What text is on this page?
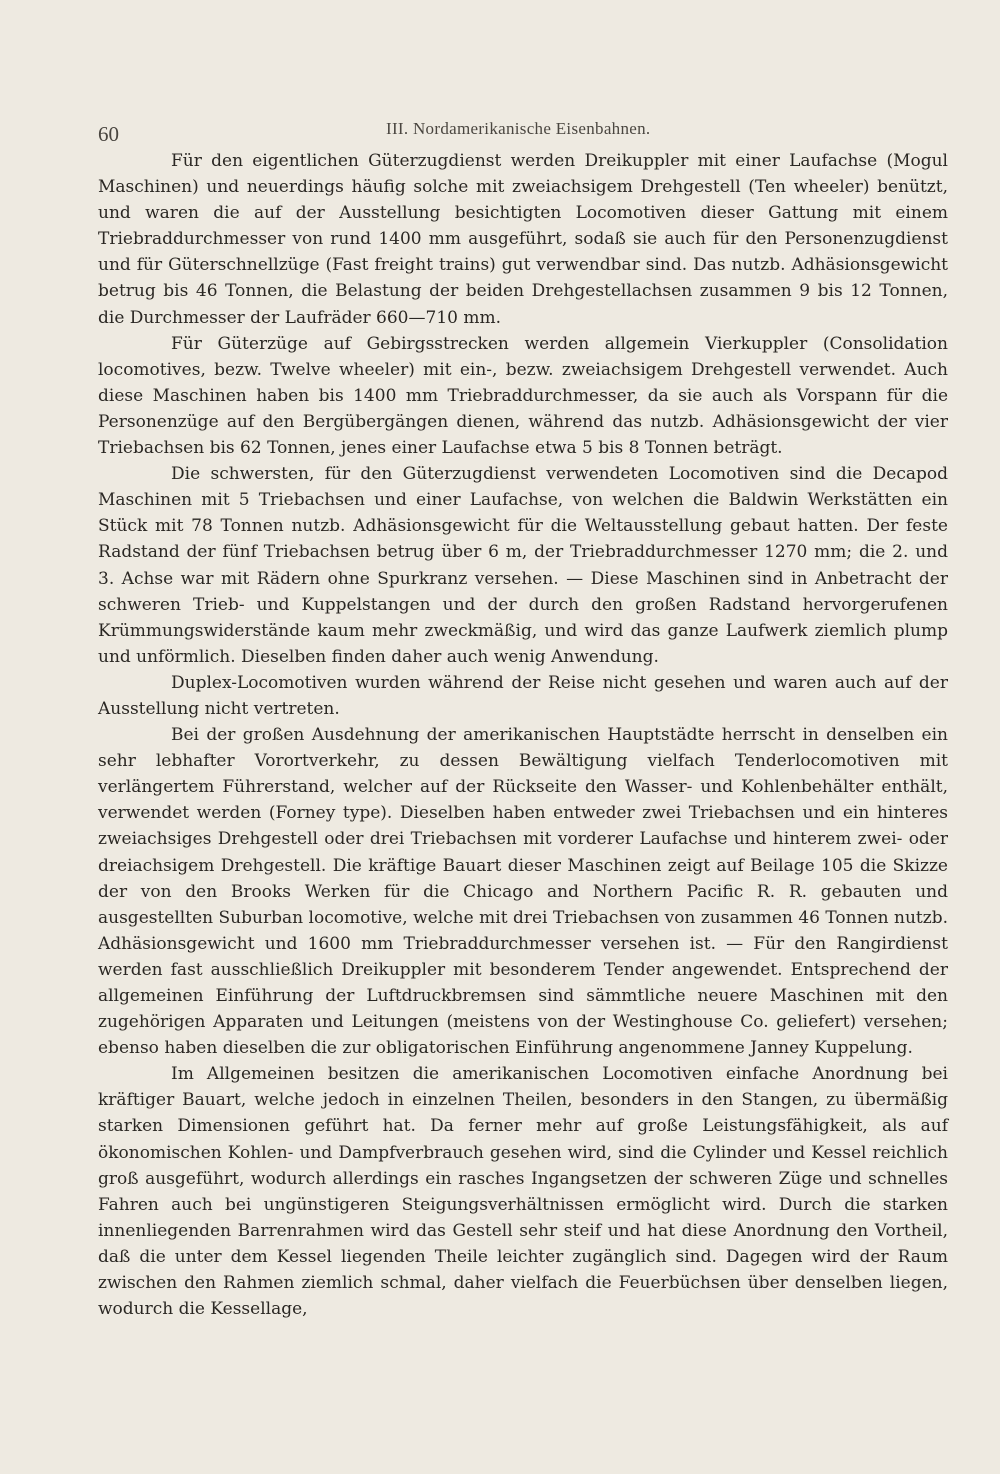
60	III. Nordamerikanische Eisenbahnen.

Für den eigentlichen Güterzugdienst werden Dreikuppler mit einer Laufachse (Mogul Maschinen) und neuerdings häufig solche mit zweiachsigem Drehgestell (Ten wheeler) benützt, und waren die auf der Ausstellung besichtigten Locomotiven dieser Gattung mit einem Triebraddurchmesser von rund 1400 mm ausgeführt, sodaß sie auch für den Personenzugdienst und für Güterschnellzüge (Fast freight trains) gut verwendbar sind. Das nutzb. Adhäsionsgewicht betrug bis 46 Tonnen, die Belastung der beiden Drehgestellachsen zusammen 9 bis 12 Tonnen, die Durchmesser der Laufräder 660—710 mm.

Für Güterzüge auf Gebirgsstrecken werden allgemein Vierkuppler (Consolidation locomotives, bezw. Twelve wheeler) mit ein-, bezw. zweiachsigem Drehgestell verwendet. Auch diese Maschinen haben bis 1400 mm Triebraddurchmesser, da sie auch als Vorspann für die Personenzüge auf den Bergübergängen dienen, während das nutzb. Adhäsionsgewicht der vier Triebachsen bis 62 Tonnen, jenes einer Laufachse etwa 5 bis 8 Tonnen beträgt.

Die schwersten, für den Güterzugdienst verwendeten Locomotiven sind die Decapod Maschinen mit 5 Triebachsen und einer Laufachse, von welchen die Baldwin Werkstätten ein Stück mit 78 Tonnen nutzb. Adhäsionsgewicht für die Weltausstellung gebaut hatten. Der feste Radstand der fünf Triebachsen betrug über 6 m, der Triebraddurchmesser 1270 mm; die 2. und 3. Achse war mit Rädern ohne Spurkranz versehen. — Diese Maschinen sind in Anbetracht der schweren Trieb- und Kuppelstangen und der durch den großen Radstand hervorgerufenen Krümmungswiderstände kaum mehr zweckmäßig, und wird das ganze Laufwerk ziemlich plump und unförmlich. Dieselben finden daher auch wenig Anwendung.

Duplex-Locomotiven wurden während der Reise nicht gesehen und waren auch auf der Ausstellung nicht vertreten.

Bei der großen Ausdehnung der amerikanischen Hauptstädte herrscht in denselben ein sehr lebhafter Vorortverkehr, zu dessen Bewältigung vielfach Tenderlocomotiven mit verlängertem Führerstand, welcher auf der Rückseite den Wasser- und Kohlenbehälter enthält, verwendet werden (Forney type). Dieselben haben entweder zwei Triebachsen und ein hinteres zweiachsiges Drehgestell oder drei Triebachsen mit vorderer Laufachse und hinterem zwei- oder dreiachsigem Drehgestell. Die kräftige Bauart dieser Maschinen zeigt auf Beilage 105 die Skizze der von den Brooks Werken für die Chicago and Northern Pacific R. R. gebauten und ausgestellten Suburban locomotive, welche mit drei Triebachsen von zusammen 46 Tonnen nutzb. Adhäsionsgewicht und 1600 mm Triebraddurchmesser versehen ist. — Für den Rangirdienst werden fast ausschließlich Dreikuppler mit besonderem Tender angewendet. Entsprechend der allgemeinen Einführung der Luftdruckbremsen sind sämmtliche neuere Maschinen mit den zugehörigen Apparaten und Leitungen (meistens von der Westinghouse Co. geliefert) versehen; ebenso haben dieselben die zur obligatorischen Einführung angenommene Janney Kuppelung.

Im Allgemeinen besitzen die amerikanischen Locomotiven einfache Anordnung bei kräftiger Bauart, welche jedoch in einzelnen Theilen, besonders in den Stangen, zu übermäßig starken Dimensionen geführt hat. Da ferner mehr auf große Leistungsfähigkeit, als auf ökonomischen Kohlen- und Dampfverbrauch gesehen wird, sind die Cylinder und Kessel reichlich groß ausgeführt, wodurch allerdings ein rasches Ingangsetzen der schweren Züge und schnelles Fahren auch bei ungünstigeren Steigungsverhältnissen ermöglicht wird. Durch die starken innenliegenden Barrenrahmen wird das Gestell sehr steif und hat diese Anordnung den Vortheil, daß die unter dem Kessel liegenden Theile leichter zugänglich sind. Dagegen wird der Raum zwischen den Rahmen ziemlich schmal, daher vielfach die Feuerbüchsen über denselben liegen, wodurch die Kessellage,
